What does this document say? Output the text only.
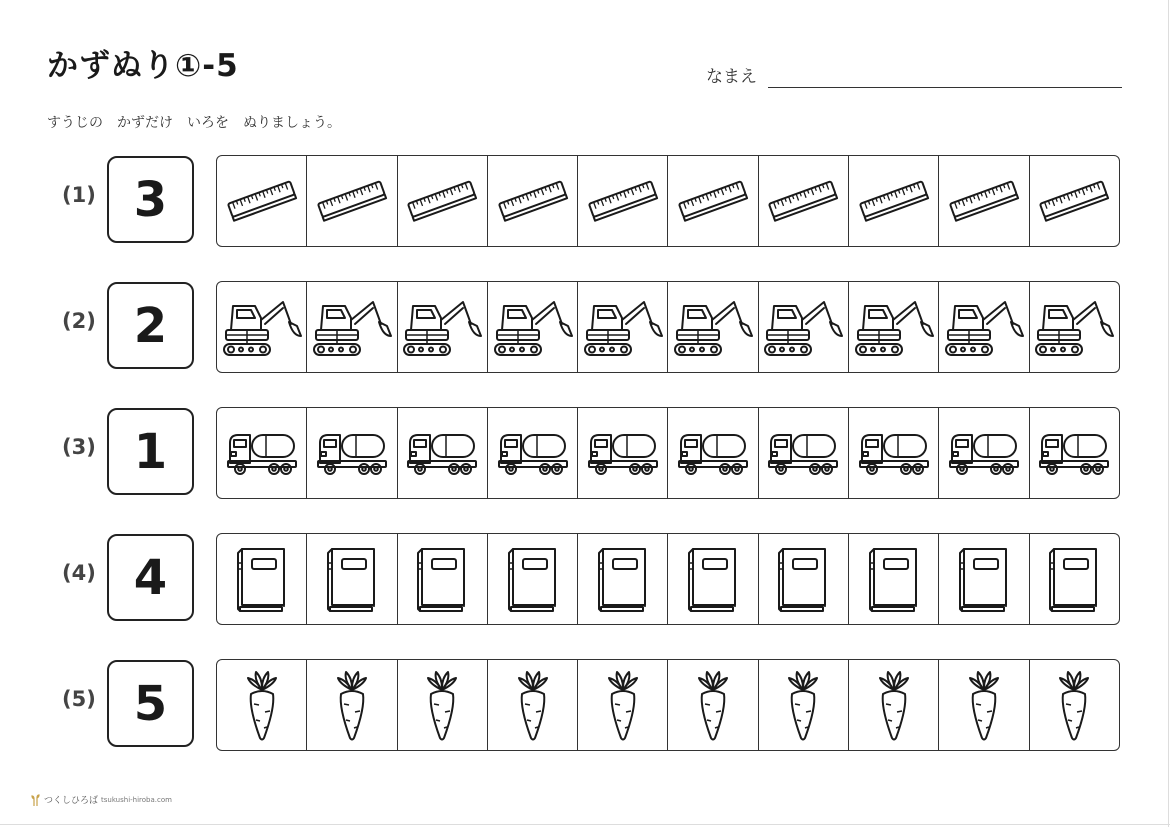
かずぬり①-5	なまえ
すうじの　かずだけ　いろを　ぬりましょう。
(1) 3
(2) 2
(3) 1
(4) 4
(5) 5
つくしひろば tsukushi-hiroba.com
